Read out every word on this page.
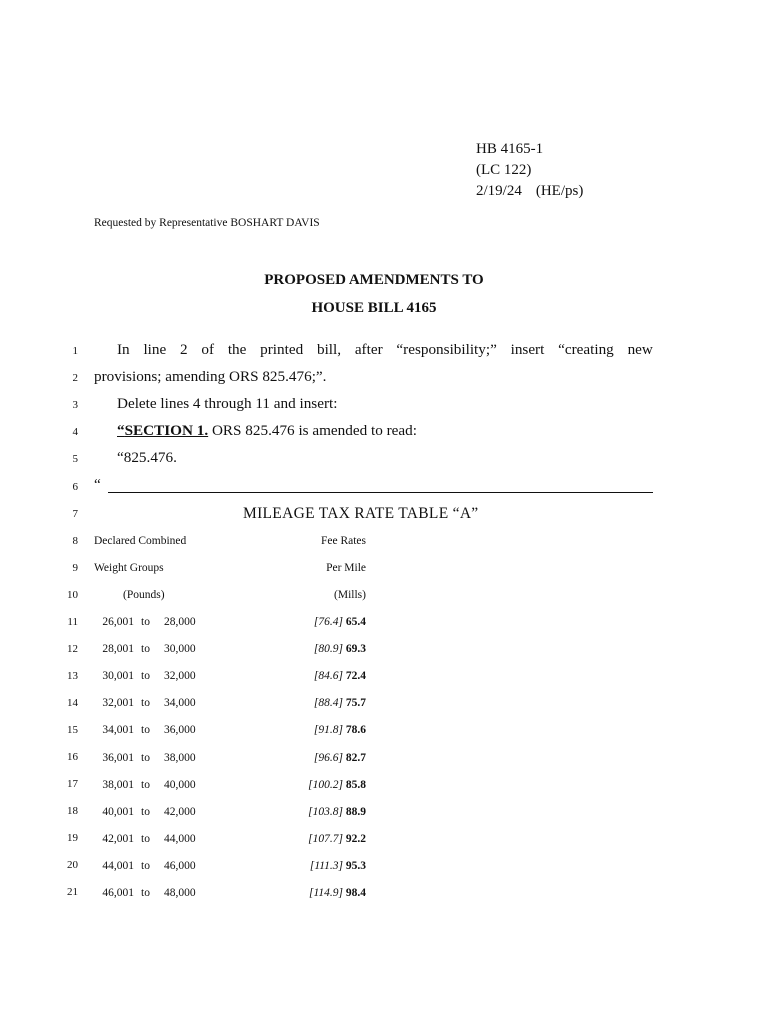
HB 4165-1
(LC 122)
2/19/24 (HE/ps)
Requested by Representative BOSHART DAVIS
PROPOSED AMENDMENTS TO
HOUSE BILL 4165
1
2
3
4
5
6
7
8
9
10
11
12
13
14
15
16
17
18
19
20
21
In line 2 of the printed bill, after “responsibility;” insert “creating new
provisions; amending ORS 825.476;”.
Delete lines 4 through 11 and insert:
“SECTION 1. ORS 825.476 is amended to read:
“825.476.
“
MILEAGE TAX RATE TABLE “A”
Declared Combined
Weight Groups
(Pounds)
Fee Rates
Per Mile
(Mills)
26,001 to 28,000	[76.4] 65.4
28,001 to 30,000	[80.9] 69.3
30,001 to 32,000	[84.6] 72.4
32,001 to 34,000	[88.4] 75.7
34,001 to 36,000	[91.8] 78.6
36,001 to 38,000	[96.6] 82.7
38,001 to 40,000	[100.2] 85.8
40,001 to 42,000	[103.8] 88.9
42,001 to 44,000	[107.7] 92.2
44,001 to 46,000	[111.3] 95.3
46,001 to 48,000	[114.9] 98.4
